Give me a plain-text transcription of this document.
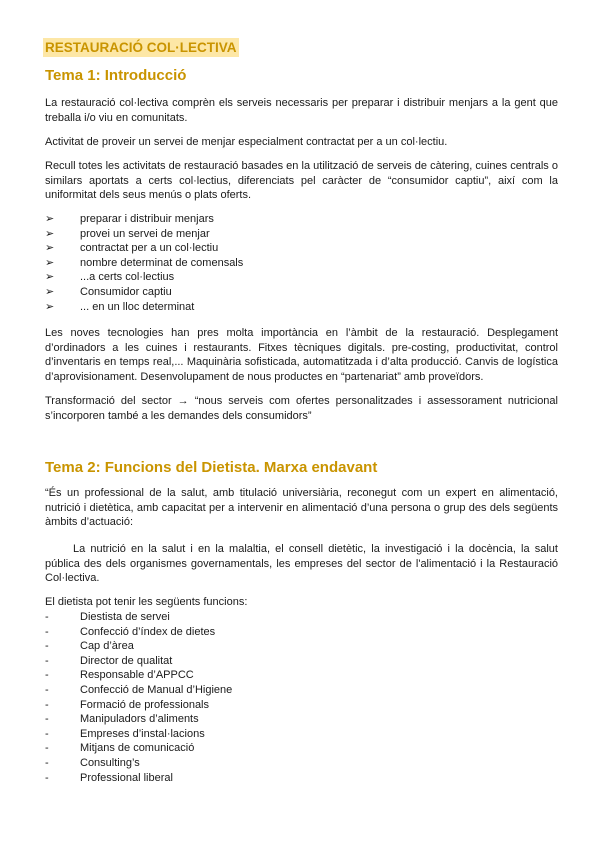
RESTAURACIÓ COL·LECTIVA
Tema 1: Introducció

La restauració col·lectiva comprèn els serveis necessaris per preparar i distribuir menjars a la gent que treballa i/o viu en comunitats.

Activitat de proveir un servei de menjar especialment contractat per a un col·lectiu.

Recull totes les activitats de restauració basades en la utilització de serveis de càtering, cuines centrals o similars aportats a certs col·lectius, diferenciats pel caràcter de “consumidor captiu”, així com la uniformitat dels seus menús o plats oferts.

➢	preparar i distribuir menjars
➢	provei un servei de menjar
➢	contractat per a un col·lectiu
➢	nombre determinat de comensals
➢	...a certs col·lectius
➢	Consumidor captiu
➢	... en un lloc determinat

Les noves tecnologies han pres molta importància en l’àmbit de la restauració. Desplegament d’ordinadors a les cuines i restaurants. Fitxes tècniques digitals. pre-costing, productivitat, control d’inventaris en temps real,... Maquinària sofisticada, automatitzada i d’alta producció. Canvis de logística d’aprovisionament. Desenvolupament de nous productes en “partenariat” amb proveïdors.

Transformació del sector → “nous serveis com ofertes personalitzades i assessorament nutricional s’incorporen també a les demandes dels consumidors”

Tema 2: Funcions del Dietista. Marxa endavant

“És un professional de la salut, amb titulació universiària, reconegut com un expert en alimentació, nutrició i dietètica, amb capacitat per a intervenir en alimentació d’una persona o grup des dels següents àmbits d’actuació:

La nutrició en la salut i en la malaltia, el consell dietètic, la investigació i la docència, la salut pública des dels organismes governamentals, les empreses del sector de l'alimentació i la Restauració Col·lectiva.

El dietista pot tenir les següents funcions:

-	Diestista de servei
-	Confecció d’índex de dietes
-	Cap d’àrea
-	Director de qualitat
-	Responsable d’APPCC
-	Confecció de Manual d’Higiene
-	Formació de professionals
-	Manipuladors d’aliments
-	Empreses d’instal·lacions
-	Mitjans de comunicació
-	Consulting’s
-	Professional liberal
